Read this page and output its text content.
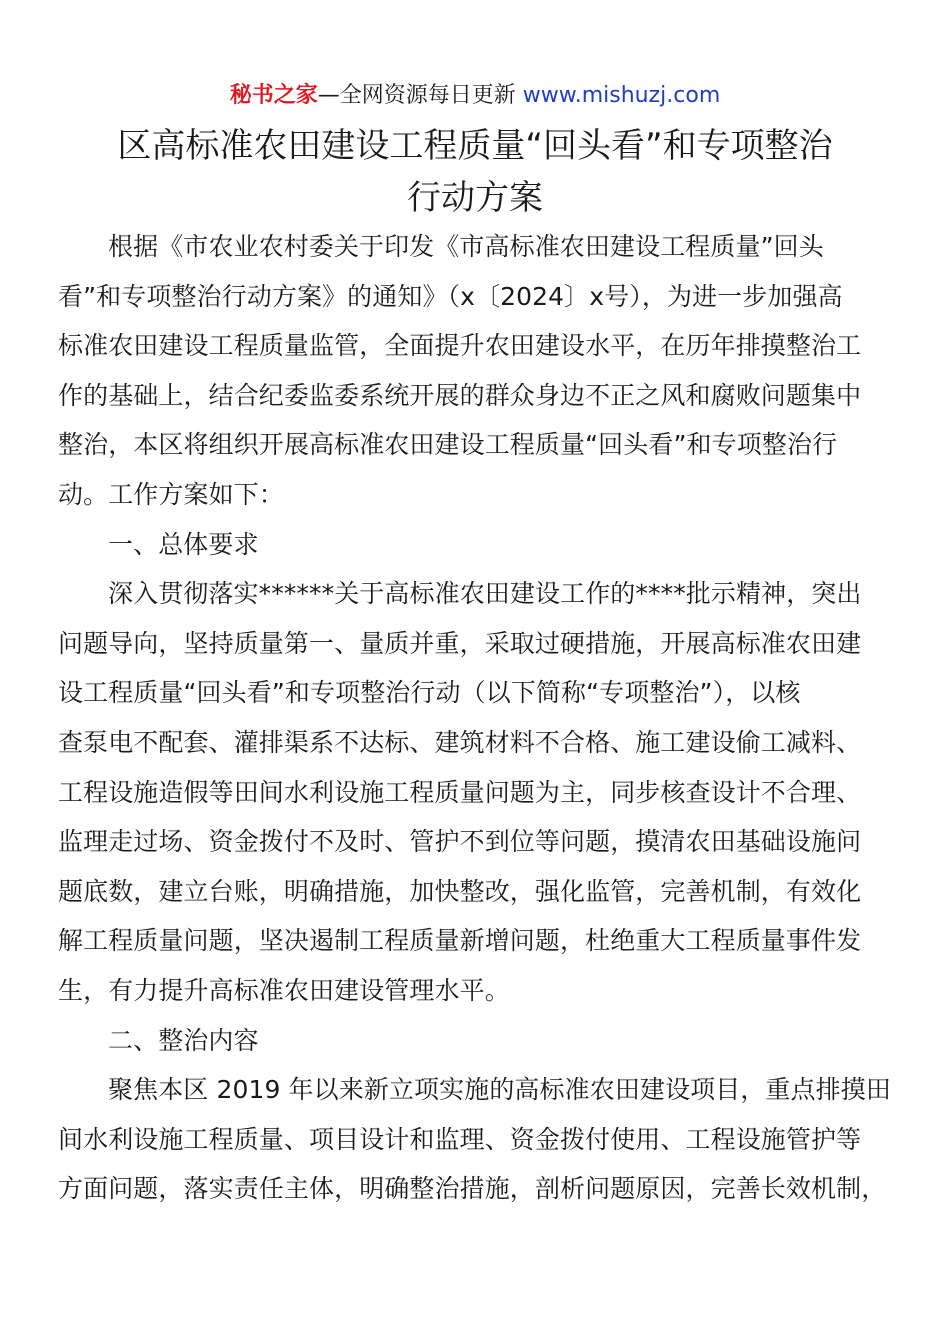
秘书之家—全网资源每日更新 www.mishuzj.com
区高标准农田建设工程质量“回头看”和专项整治
行动方案
根据《市农业农村委关于印发《市高标准农田建设工程质量”回头
看”和专项整治行动方案》的通知》（x〔2024〕x号），为进一步加强高
标准农田建设工程质量监管，全面提升农田建设水平，在历年排摸整治工
作的基础上，结合纪委监委系统开展的群众身边不正之风和腐败问题集中
整治，本区将组织开展高标准农田建设工程质量“回头看”和专项整治行
动。工作方案如下：
一、总体要求
深入贯彻落实******关于高标准农田建设工作的****批示精神，突出
问题导向，坚持质量第一、量质并重，采取过硬措施，开展高标准农田建
设工程质量“回头看”和专项整治行动（以下简称“专项整治”），以核
查泵电不配套、灌排渠系不达标、建筑材料不合格、施工建设偷工减料、
工程设施造假等田间水利设施工程质量问题为主，同步核查设计不合理、
监理走过场、资金拨付不及时、管护不到位等问题，摸清农田基础设施问
题底数，建立台账，明确措施，加快整改，强化监管，完善机制，有效化
解工程质量问题，坚决遏制工程质量新增问题，杜绝重大工程质量事件发
生，有力提升高标准农田建设管理水平。
二、整治内容
聚焦本区 2019 年以来新立项实施的高标准农田建设项目，重点排摸田
间水利设施工程质量、项目设计和监理、资金拨付使用、工程设施管护等
方面问题，落实责任主体，明确整治措施，剖析问题原因，完善长效机制，
